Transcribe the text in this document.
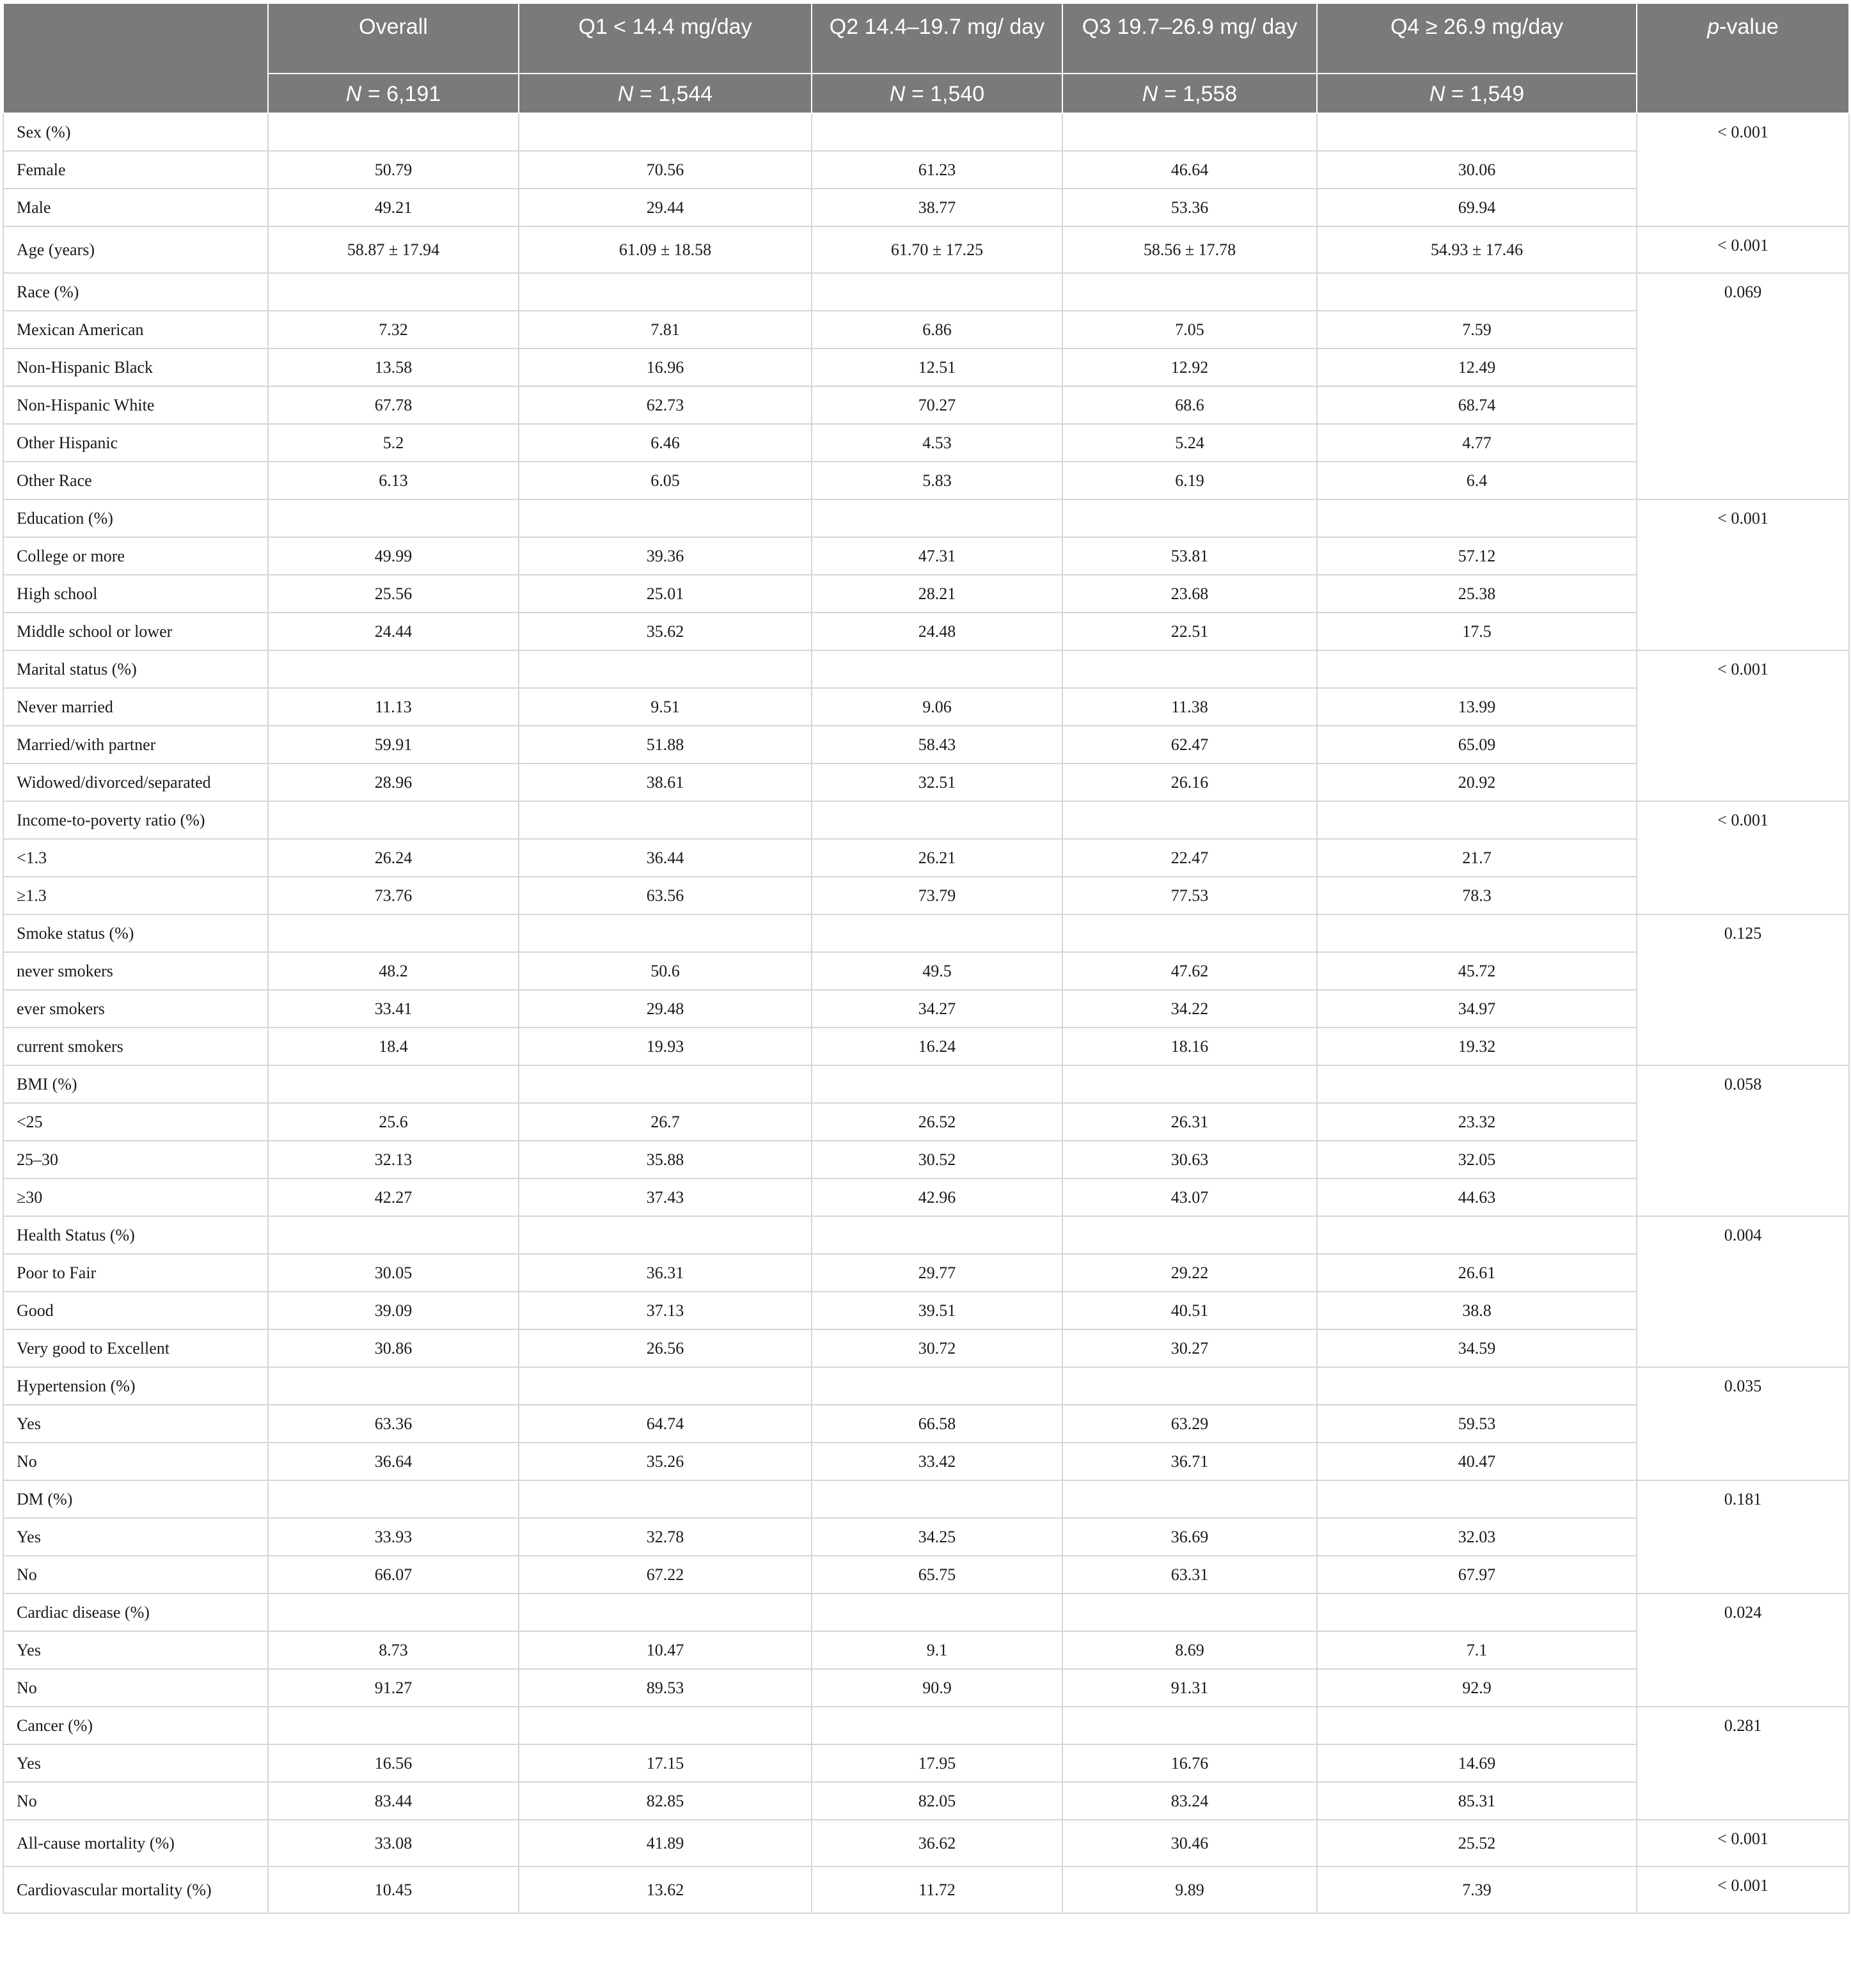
	Overall	Q1 < 14.4 mg/day	Q2 14.4–19.7 mg/ day	Q3 19.7–26.9 mg/ day	Q4 ≥ 26.9 mg/day	p-value
	N = 6,191	N = 1,544	N = 1,540	N = 1,558	N = 1,549	
Sex (%)						< 0.001
Female	50.79	70.56	61.23	46.64	30.06	
Male	49.21	29.44	38.77	53.36	69.94	
Age (years)	58.87 ± 17.94	61.09 ± 18.58	61.70 ± 17.25	58.56 ± 17.78	54.93 ± 17.46	< 0.001
Race (%)						0.069
Mexican American	7.32	7.81	6.86	7.05	7.59	
Non-Hispanic Black	13.58	16.96	12.51	12.92	12.49	
Non-Hispanic White	67.78	62.73	70.27	68.6	68.74	
Other Hispanic	5.2	6.46	4.53	5.24	4.77	
Other Race	6.13	6.05	5.83	6.19	6.4	
Education (%)						< 0.001
College or more	49.99	39.36	47.31	53.81	57.12	
High school	25.56	25.01	28.21	23.68	25.38	
Middle school or lower	24.44	35.62	24.48	22.51	17.5	
Marital status (%)						< 0.001
Never married	11.13	9.51	9.06	11.38	13.99	
Married/with partner	59.91	51.88	58.43	62.47	65.09	
Widowed/divorced/separated	28.96	38.61	32.51	26.16	20.92	
Income-to-poverty ratio (%)						< 0.001
<1.3	26.24	36.44	26.21	22.47	21.7	
≥1.3	73.76	63.56	73.79	77.53	78.3	
Smoke status (%)						0.125
never smokers	48.2	50.6	49.5	47.62	45.72	
ever smokers	33.41	29.48	34.27	34.22	34.97	
current smokers	18.4	19.93	16.24	18.16	19.32	
BMI (%)						0.058
<25	25.6	26.7	26.52	26.31	23.32	
25–30	32.13	35.88	30.52	30.63	32.05	
≥30	42.27	37.43	42.96	43.07	44.63	
Health Status (%)						0.004
Poor to Fair	30.05	36.31	29.77	29.22	26.61	
Good	39.09	37.13	39.51	40.51	38.8	
Very good to Excellent	30.86	26.56	30.72	30.27	34.59	
Hypertension (%)						0.035
Yes	63.36	64.74	66.58	63.29	59.53	
No	36.64	35.26	33.42	36.71	40.47	
DM (%)						0.181
Yes	33.93	32.78	34.25	36.69	32.03	
No	66.07	67.22	65.75	63.31	67.97	
Cardiac disease (%)						0.024
Yes	8.73	10.47	9.1	8.69	7.1	
No	91.27	89.53	90.9	91.31	92.9	
Cancer (%)						0.281
Yes	16.56	17.15	17.95	16.76	14.69	
No	83.44	82.85	82.05	83.24	85.31	
All-cause mortality (%)	33.08	41.89	36.62	30.46	25.52	< 0.001
Cardiovascular mortality (%)	10.45	13.62	11.72	9.89	7.39	< 0.001
